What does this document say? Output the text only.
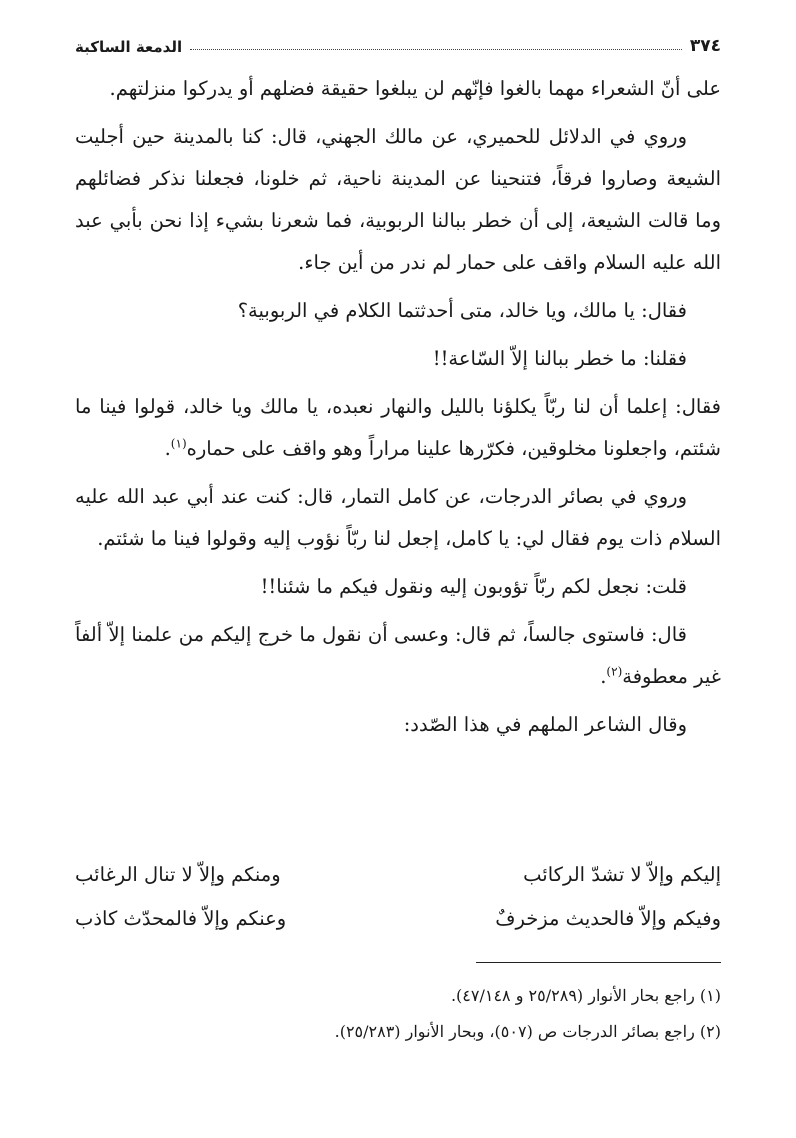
٣٧٤
الدمعة الساكبة

على أنّ الشعراء مهما بالغوا فإنّهم لن يبلغوا حقيقة فضلهم أو يدركوا منزلتهم.

وروي في الدلائل للحميري، عن مالك الجهني، قال: كنا بالمدينة حين أجليت الشيعة وصاروا فرقاً، فتنحينا عن المدينة ناحية، ثم خلونا، فجعلنا نذكر فضائلهم وما قالت الشيعة، إلى أن خطر ببالنا الربوبية، فما شعرنا بشيء إذا نحن بأبي عبد الله عليه السلام واقف على حمار لم ندر من أين جاء.

فقال: يا مالك، ويا خالد، متى أحدثتما الكلام في الربوبية؟

فقلنا: ما خطر ببالنا إلاّ السّاعة!!

فقال: إعلما أن لنا ربّاً يكلؤنا بالليل والنهار نعبده، يا مالك ويا خالد، قولوا فينا ما شئتم، واجعلونا مخلوقين، فكرّرها علينا مراراً وهو واقف على حماره$^{(١)}$.

وروي في بصائر الدرجات، عن كامل التمار، قال: كنت عند أبي عبد الله عليه السلام ذات يوم فقال لي: يا كامل، إجعل لنا ربّاً نؤوب إليه وقولوا فينا ما شئتم.

قلت: نجعل لكم ربّاً تؤوبون إليه ونقول فيكم ما شئنا!!

قال: فاستوى جالساً، ثم قال: وعسى أن نقول ما خرج إليكم من علمنا إلاّ ألفاً غير معطوفة$^{(٢)}$.

وقال الشاعر الملهم في هذا الصّدد:

إليكم وإلاّ لا تشدّ الركائب
ومنكم وإلاّ لا تنال الرغائب
وفيكم وإلاّ فالحديث مزخرفٌ
وعنكم وإلاّ فالمحدّث كاذب

(١) راجع بحار الأنوار (٢٥/٢٨٩ و ٤٧/١٤٨).

(٢) راجع بصائر الدرجات ص (٥٠٧)، وبحار الأنوار (٢٥/٢٨٣).
